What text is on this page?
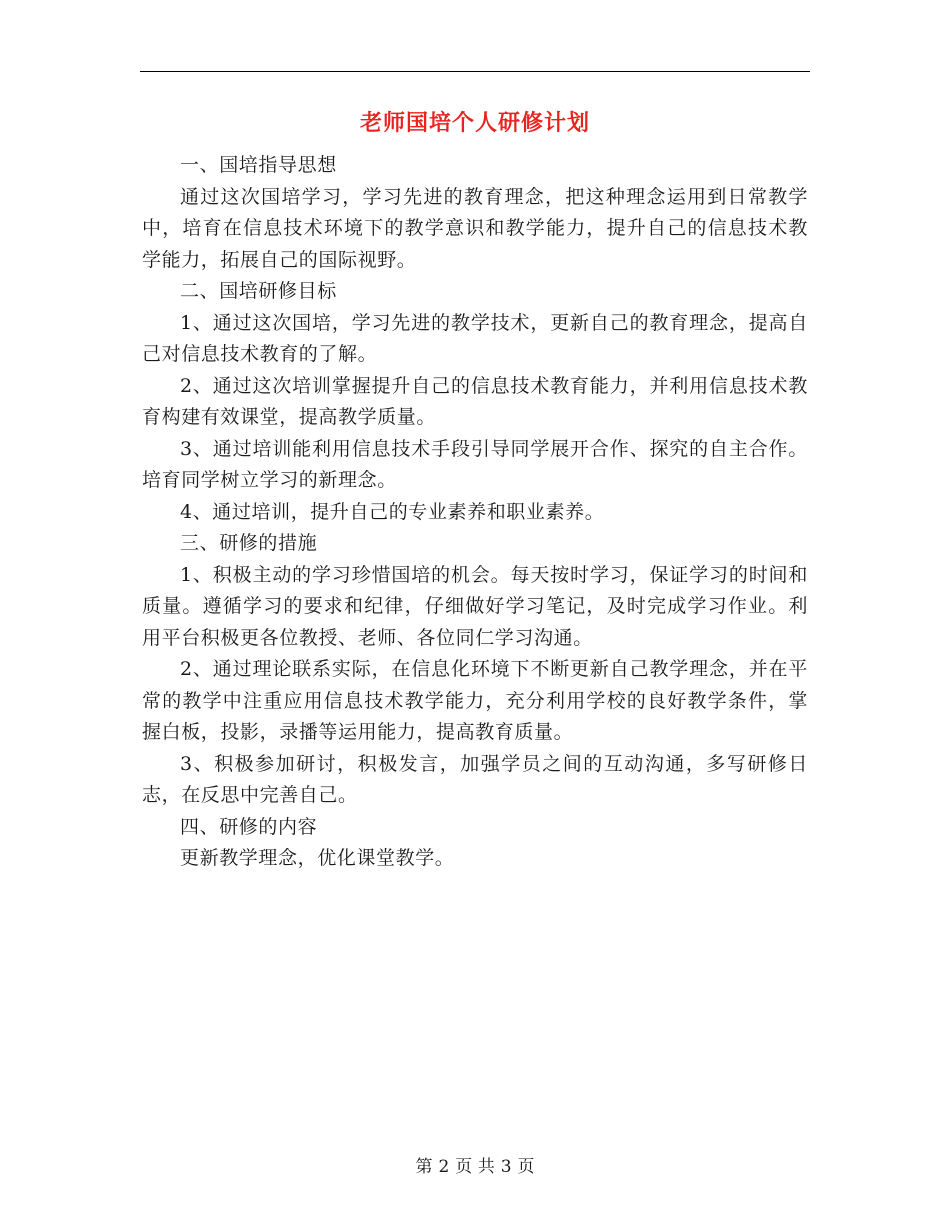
老师国培个人研修计划

一、国培指导思想

通过这次国培学习，学习先进的教育理念，把这种理念运用到日常教学中，培育在信息技术环境下的教学意识和教学能力，提升自己的信息技术教学能力，拓展自己的国际视野。

二、国培研修目标

1、通过这次国培，学习先进的教学技术，更新自己的教育理念，提高自己对信息技术教育的了解。

2、通过这次培训掌握提升自己的信息技术教育能力，并利用信息技术教育构建有效课堂，提高教学质量。

3、通过培训能利用信息技术手段引导同学展开合作、探究的自主合作。培育同学树立学习的新理念。

4、通过培训，提升自己的专业素养和职业素养。

三、研修的措施

1、积极主动的学习珍惜国培的机会。每天按时学习，保证学习的时间和质量。遵循学习的要求和纪律，仔细做好学习笔记，及时完成学习作业。利用平台积极更各位教授、老师、各位同仁学习沟通。

2、通过理论联系实际，在信息化环境下不断更新自己教学理念，并在平常的教学中注重应用信息技术教学能力，充分利用学校的良好教学条件，掌握白板，投影，录播等运用能力，提高教育质量。

3、积极参加研讨，积极发言，加强学员之间的互动沟通，多写研修日志，在反思中完善自己。

四、研修的内容

更新教学理念，优化课堂教学。

第 2 页 共 3 页
